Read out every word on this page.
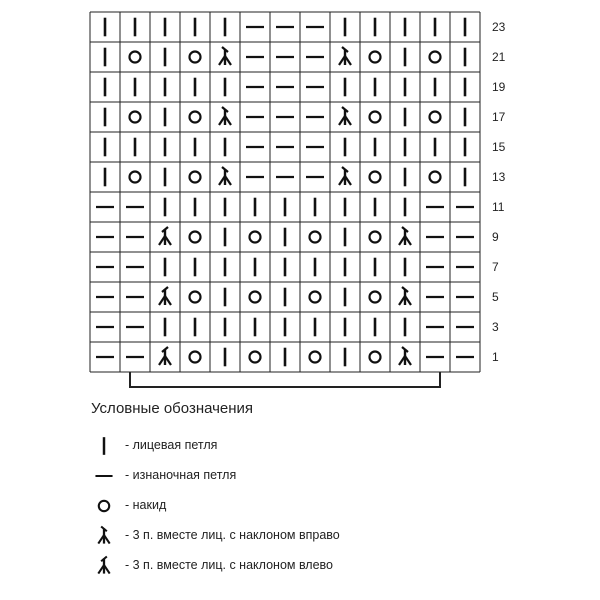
23
21
19
17
15
13
11
9
7
5
3
1
Условные обозначения
- лицевая петля
- изнаночная петля
- накид
- 3 п. вместе лиц. с наклоном вправо
- 3 п. вместе лиц. с наклоном влево
